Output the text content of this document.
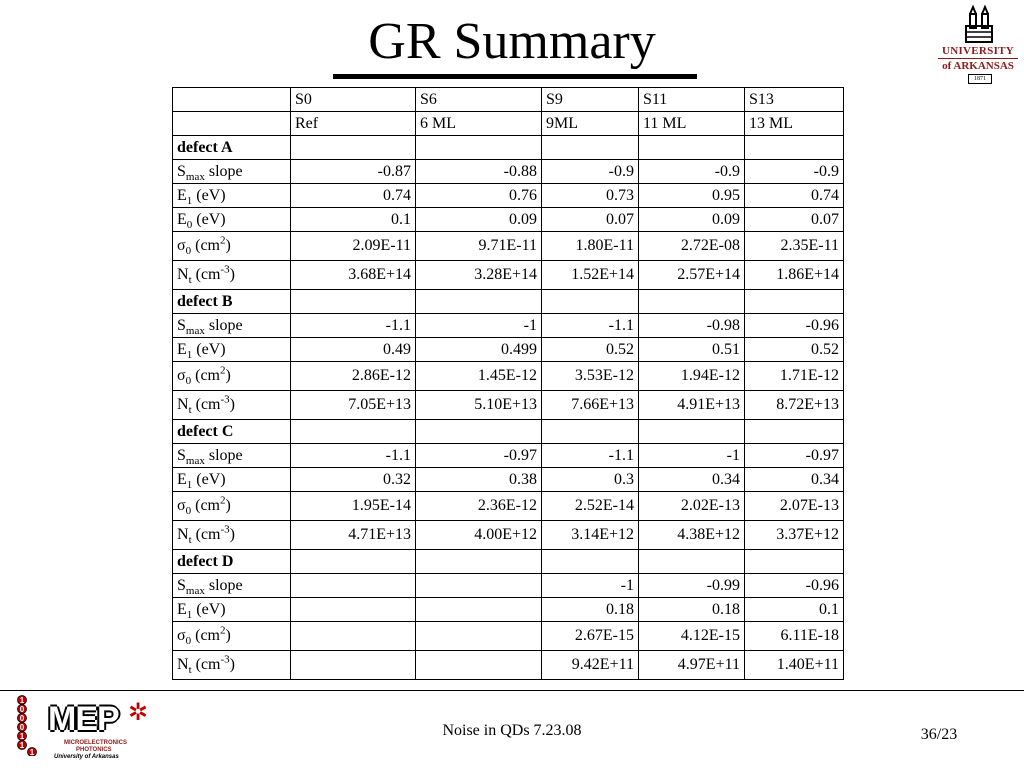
GR Summary	UNIVERSITY
of ARKANSAS
1871
	S0	S6	S9	S11	S13
	Ref	6 ML	9ML	11 ML	13 ML
defect A					
$S_{max}$ slope	-0.87	-0.88	-0.9	-0.9	-0.9
$E_1$ (eV)	0.74	0.76	0.73	0.95	0.74
$E_0$ (eV)	0.1	0.09	0.07	0.09	0.07
$\sigma_0$ $(cm^2)$	2.09E-11	9.71E-11	1.80E-11	2.72E-08	2.35E-11
$N_t$ $(cm^{-3})$	3.68E+14	3.28E+14	1.52E+14	2.57E+14	1.86E+14
defect B					
$S_{max}$ slope	-1.1	-1	-1.1	-0.98	-0.96
$E_1$ (eV)	0.49	0.499	0.52	0.51	0.52
$\sigma_0$ $(cm^2)$	2.86E-12	1.45E-12	3.53E-12	1.94E-12	1.71E-12
$N_t$ $(cm^{-3})$	7.05E+13	5.10E+13	7.66E+13	4.91E+13	8.72E+13
defect C					
$S_{max}$ slope	-1.1	-0.97	-1.1	-1	-0.97
$E_1$ (eV)	0.32	0.38	0.3	0.34	0.34
$\sigma_0$ $(cm^2)$	1.95E-14	2.36E-12	2.52E-14	2.02E-13	2.07E-13
$N_t$ $(cm^{-3})$	4.71E+13	4.00E+12	3.14E+12	4.38E+12	3.37E+12
defect D					
$S_{max}$ slope			-1	-0.99	-0.96
$E_1$ (eV)			0.18	0.18	0.1
$\sigma_0$ $(cm^2)$			2.67E-15	4.12E-15	6.11E-18
$N_t$ $(cm^{-3})$			9.42E+11	4.97E+11	1.40E+11
1
0
0
0
1
1
1
MEP ✲
MICROELECTRONICS
PHOTONICS
University of Arkansas
Noise in QDs 7.23.08	36/23
